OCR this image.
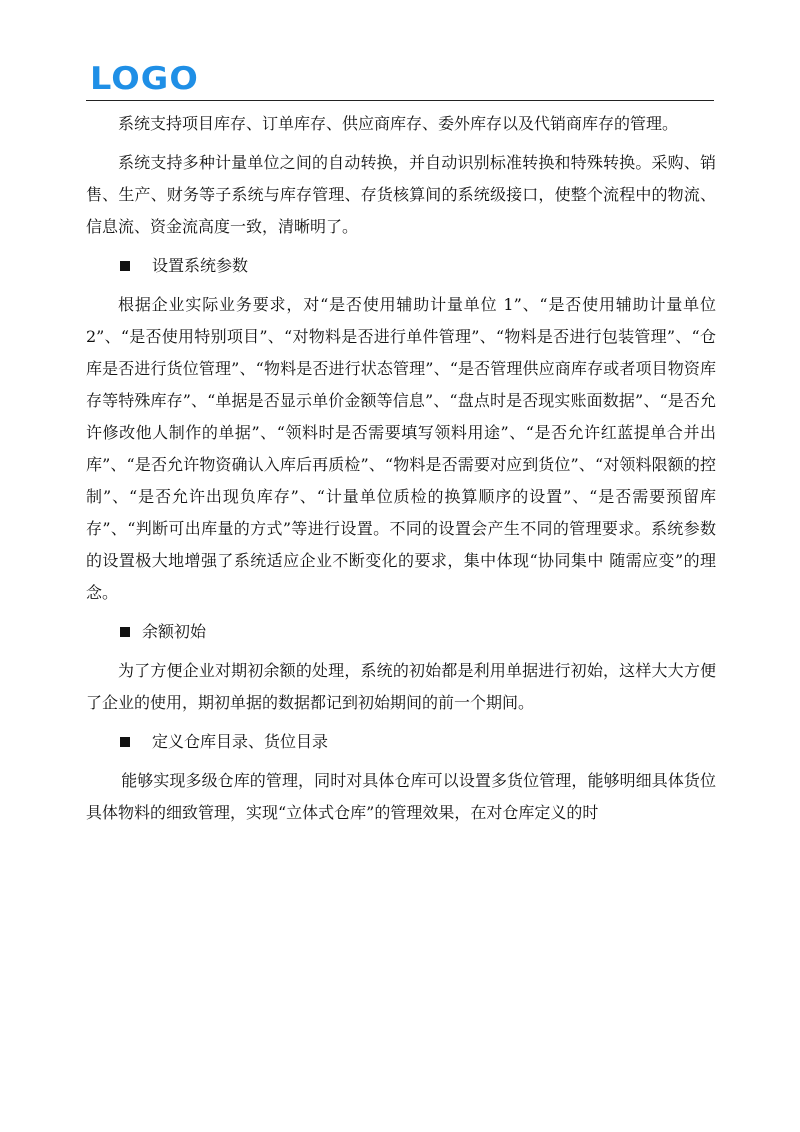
LOGO

系统支持项目库存、订单库存、供应商库存、委外库存以及代销商库存的管理。

系统支持多种计量单位之间的自动转换，并自动识别标准转换和特殊转换。采购、销售、生产、财务等子系统与库存管理、存货核算间的系统级接口，使整个流程中的物流、信息流、资金流高度一致，清晰明了。

设置系统参数

根据企业实际业务要求，对“是否使用辅助计量单位 1”、“是否使用辅助计量单位 2”、“是否使用特别项目”、“对物料是否进行单件管理”、“物料是否进行包装管理”、“仓库是否进行货位管理”、“物料是否进行状态管理”、“是否管理供应商库存或者项目物资库存等特殊库存”、“单据是否显示单价金额等信息”、“盘点时是否现实账面数据”、“是否允许修改他人制作的单据”、“领料时是否需要填写领料用途”、“是否允许红蓝提单合并出库”、“是否允许物资确认入库后再质检”、“物料是否需要对应到货位”、“对领料限额的控制”、“是否允许出现负库存”、“计量单位质检的换算顺序的设置”、“是否需要预留库存”、“判断可出库量的方式”等进行设置。不同的设置会产生不同的管理要求。系统参数的设置极大地增强了系统适应企业不断变化的要求，集中体现“协同集中 随需应变”的理念。

余额初始

为了方便企业对期初余额的处理，系统的初始都是利用单据进行初始，这样大大方便了企业的使用，期初单据的数据都记到初始期间的前一个期间。

定义仓库目录、货位目录

能够实现多级仓库的管理，同时对具体仓库可以设置多货位管理，能够明细具体货位具体物料的细致管理，实现“立体式仓库”的管理效果，在对仓库定义的时
